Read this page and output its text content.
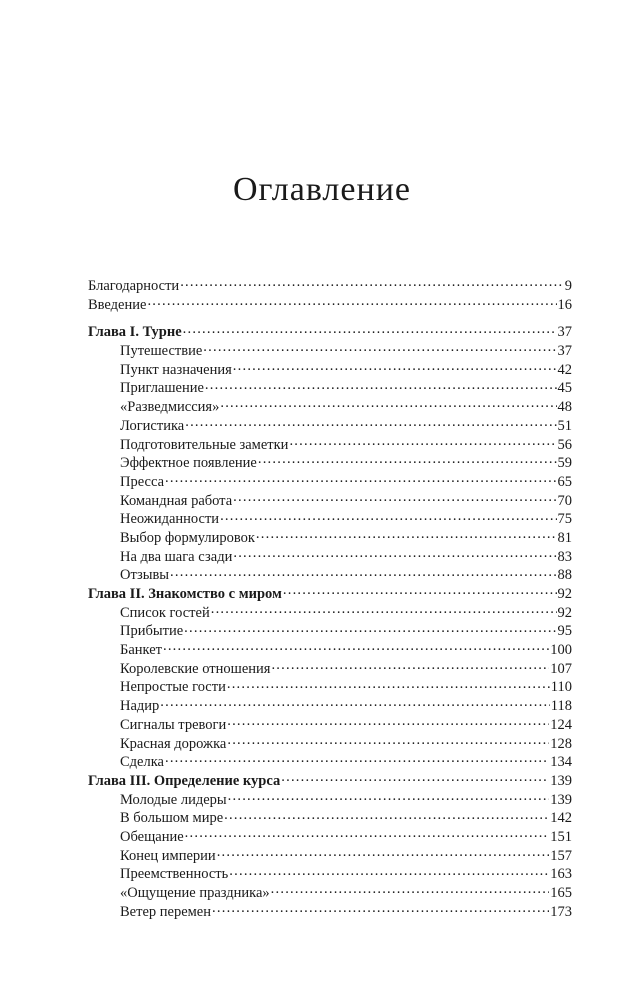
Оглавление
Благодарности . . .	9
Введение . . .	16
Глава I. Турне . . .	37
Путешествие . . .	37
Пункт назначения . . .	42
Приглашение . . .	45
«Разведмиссия» . . .	48
Логистика . . .	51
Подготовительные заметки . . .	56
Эффектное появление . . .	59
Пресса . . .	65
Командная работа . . .	70
Неожиданности . . .	75
Выбор формулировок . . .	81
На два шага сзади . . .	83
Отзывы . . .	88
Глава II. Знакомство с миром . . .	92
Список гостей . . .	92
Прибытие . . .	95
Банкет . . .	100
Королевские отношения . . .	107
Непростые гости . . .	110
Надир . . .	118
Сигналы тревоги . . .	124
Красная дорожка . . .	128
Сделка . . .	134
Глава III. Определение курса . . .	139
Молодые лидеры . . .	139
В большом мире . . .	142
Обещание . . .	151
Конец империи . . .	157
Преемственность . . .	163
«Ощущение праздника» . . .	165
Ветер перемен . . .	173
